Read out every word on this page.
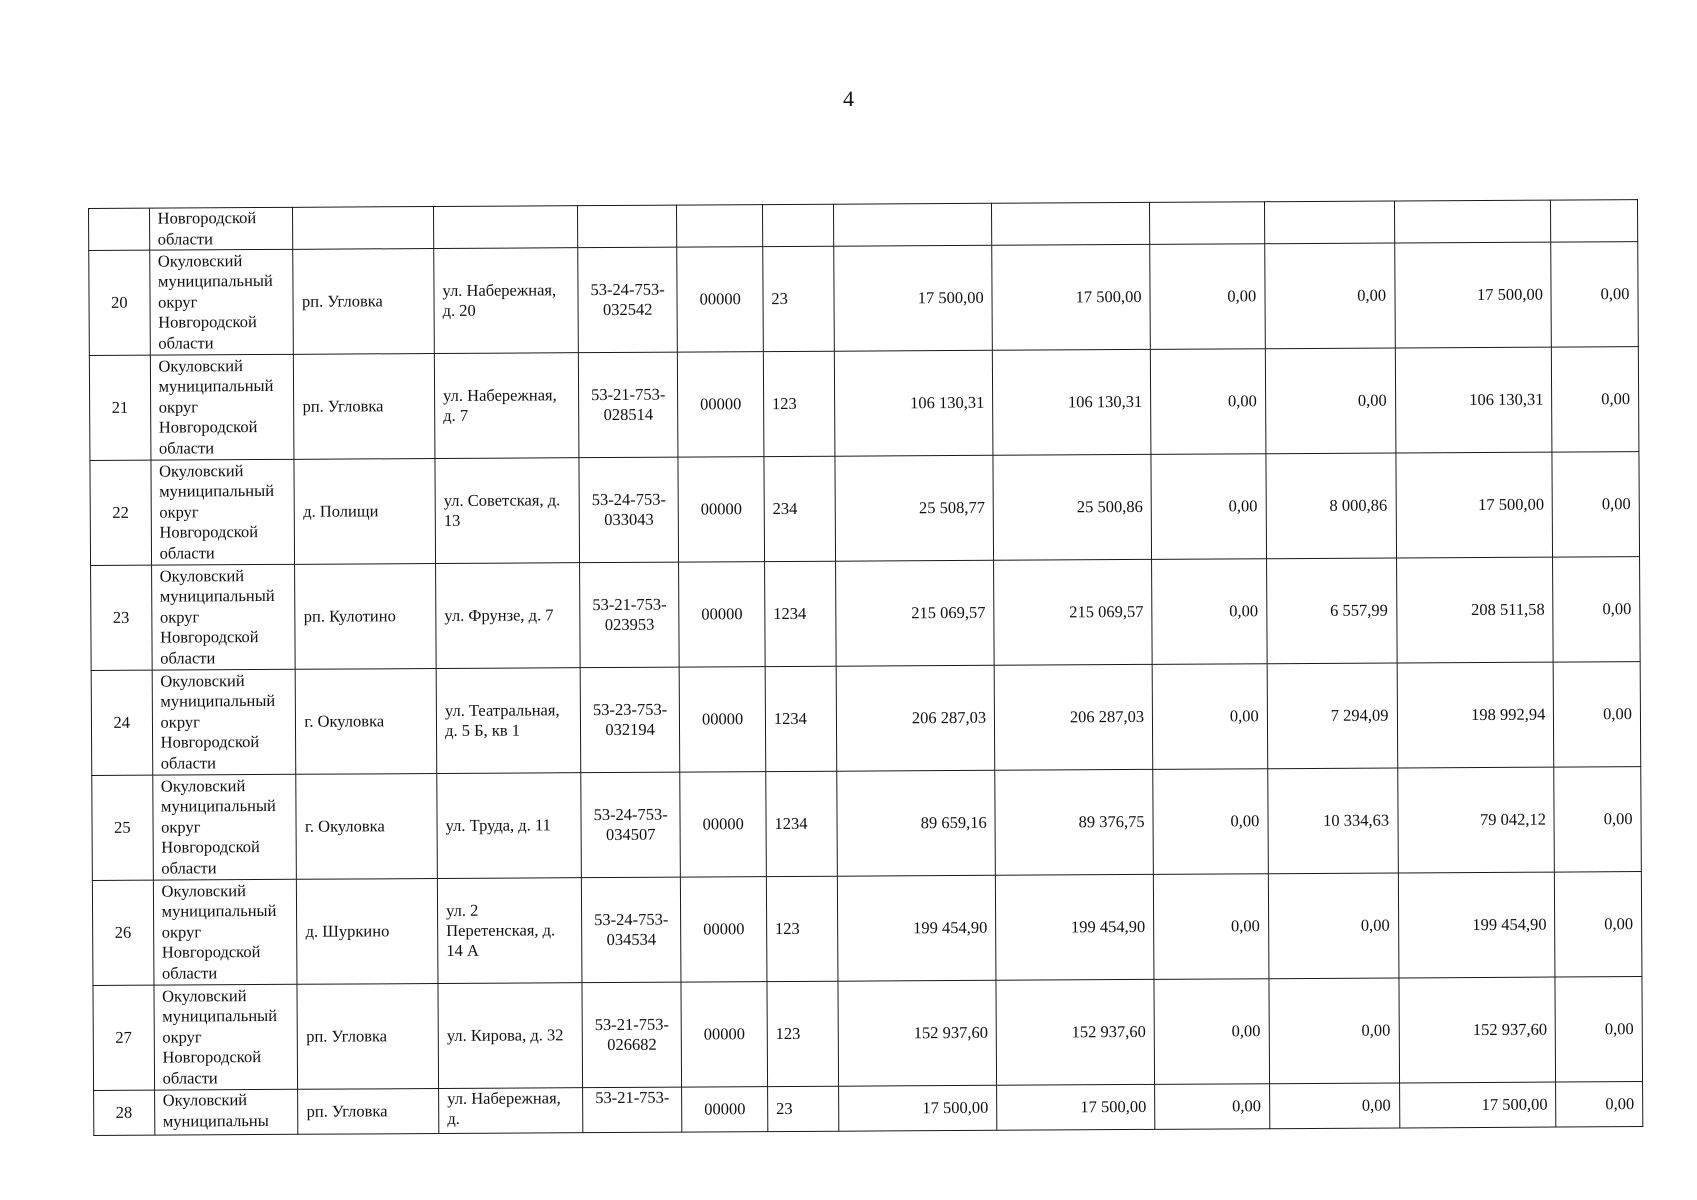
4
	Новгородской области											
20	Окуловский муниципальный округ Новгородской области	рп. Угловка	ул. Набережная, д. 20	53-24-753-032542	00000	23	17 500,00	17 500,00	0,00	0,00	17 500,00	0,00
21	Окуловский муниципальный округ Новгородской области	рп. Угловка	ул. Набережная, д. 7	53-21-753-028514	00000	123	106 130,31	106 130,31	0,00	0,00	106 130,31	0,00
22	Окуловский муниципальный округ Новгородской области	д. Полищи	ул. Советская, д. 13	53-24-753-033043	00000	234	25 508,77	25 500,86	0,00	8 000,86	17 500,00	0,00
23	Окуловский муниципальный округ Новгородской области	рп. Кулотино	ул. Фрунзе, д. 7	53-21-753-023953	00000	1234	215 069,57	215 069,57	0,00	6 557,99	208 511,58	0,00
24	Окуловский муниципальный округ Новгородской области	г. Окуловка	ул. Театральная, д. 5 Б, кв 1	53-23-753-032194	00000	1234	206 287,03	206 287,03	0,00	7 294,09	198 992,94	0,00
25	Окуловский муниципальный округ Новгородской области	г. Окуловка	ул. Труда, д. 11	53-24-753-034507	00000	1234	89 659,16	89 376,75	0,00	10 334,63	79 042,12	0,00
26	Окуловский муниципальный округ Новгородской области	д. Шуркино	ул. 2 Перетенская, д. 14 А	53-24-753-034534	00000	123	199 454,90	199 454,90	0,00	0,00	199 454,90	0,00
27	Окуловский муниципальный округ Новгородской области	рп. Угловка	ул. Кирова, д. 32	53-21-753-026682	00000	123	152 937,60	152 937,60	0,00	0,00	152 937,60	0,00
28	Окуловский муниципальны	рп. Угловка	ул. Набережная, д.	53-21-753-	00000	23	17 500,00	17 500,00	0,00	0,00	17 500,00	0,00
